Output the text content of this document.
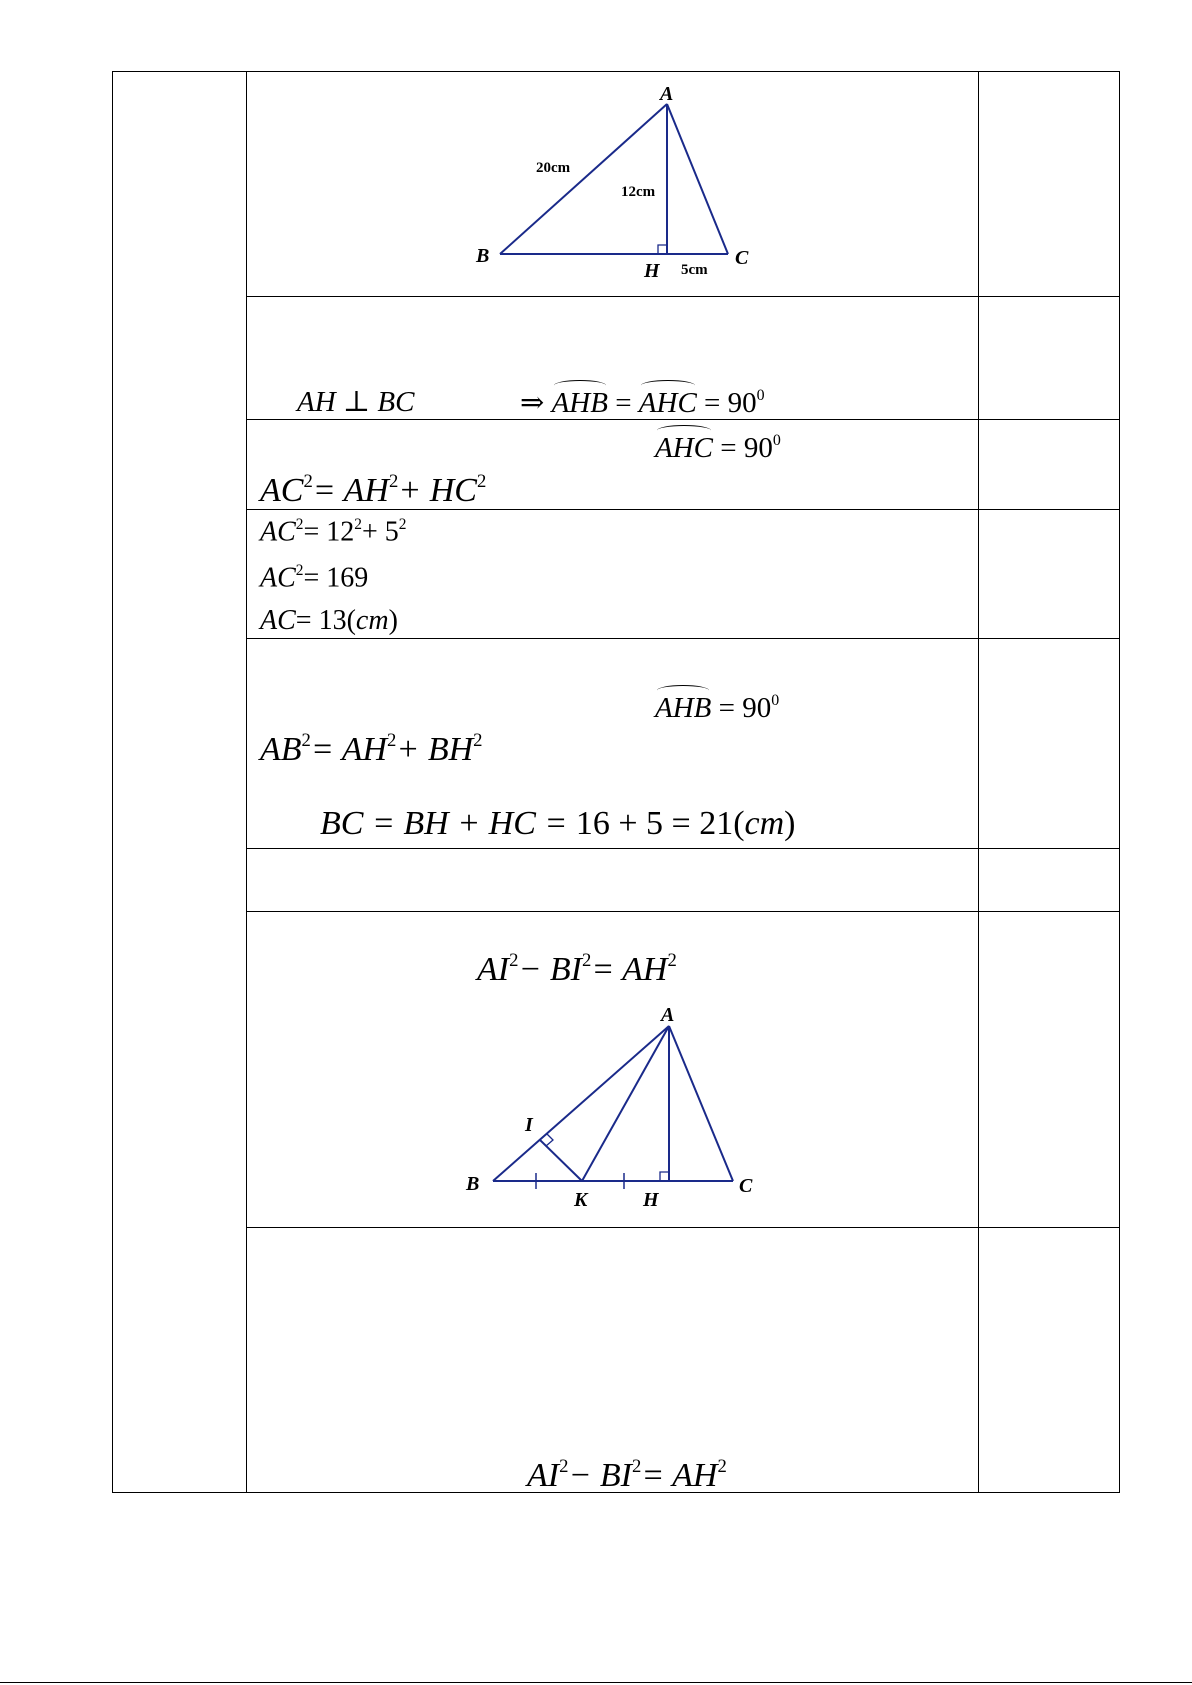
A
B	C
H
20cm
12cm
5cm
AH ⊥ BC	⇒ AHB = AHC = $90^0$
AHC = $90^0$
$AC^2= AH^2+ HC^2$
$AC^2= 12^2+ 5^2$
$AC^2= 169$
AC= 13(cm)
AHB = $90^0$
$AB^2= AH^2+ BH^2$
BC = BH + HC = 16 + 5 = 21(cm)
$AI^2- BI^2= AH^2$
A
B	C
H
K
I
$AI^2- BI^2= AH^2$
